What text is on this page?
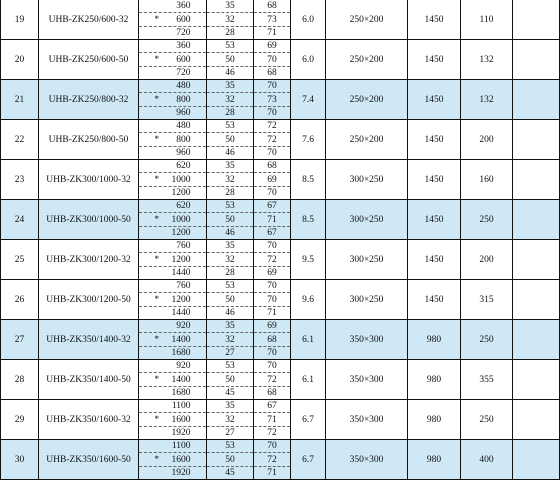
19	UHB-ZK250/600-32	360	35	68	6.0	250×200	1450	110	
		* 600	32	73					
		720	28	71					
20	UHB-ZK250/600-50	360	53	69	6.0	250×200	1450	132	
		* 600	50	70					
		720	46	68					
21	UHB-ZK250/800-32	480	35	70	7.4	250×200	1450	132	
		* 800	32	73					
		960	28	70					
22	UHB-ZK250/800-50	480	53	72	7.6	250×200	1450	200	
		* 800	50	72					
		960	46	70					
23	UHB-ZK300/1000-32	620	35	68	8.5	300×250	1450	160	
		* 1000	32	69					
		1200	28	70					
24	UHB-ZK300/1000-50	620	53	67	8.5	300×250	1450	250	
		* 1000	50	71					
		1200	46	67					
25	UHB-ZK300/1200-32	760	35	70	9.5	300×250	1450	200	
		* 1200	32	72					
		1440	28	69					
26	UHB-ZK300/1200-50	760	53	70	9.6	300×250	1450	315	
		* 1200	50	70					
		1440	46	71					
27	UHB-ZK350/1400-32	920	35	69	6.1	350×300	980	250	
		* 1400	32	68					
		1680	27	70					
28	UHB-ZK350/1400-50	920	53	70	6.1	350×300	980	355	
		* 1400	50	72					
		1680	45	68					
29	UHB-ZK350/1600-32	1100	35	67	6.7	350×300	980	250	
		* 1600	32	71					
		1920	27	72					
30	UHB-ZK350/1600-50	1100	53	70	6.7	350×300	980	400	
		* 1600	50	72					
		1920	45	71					
